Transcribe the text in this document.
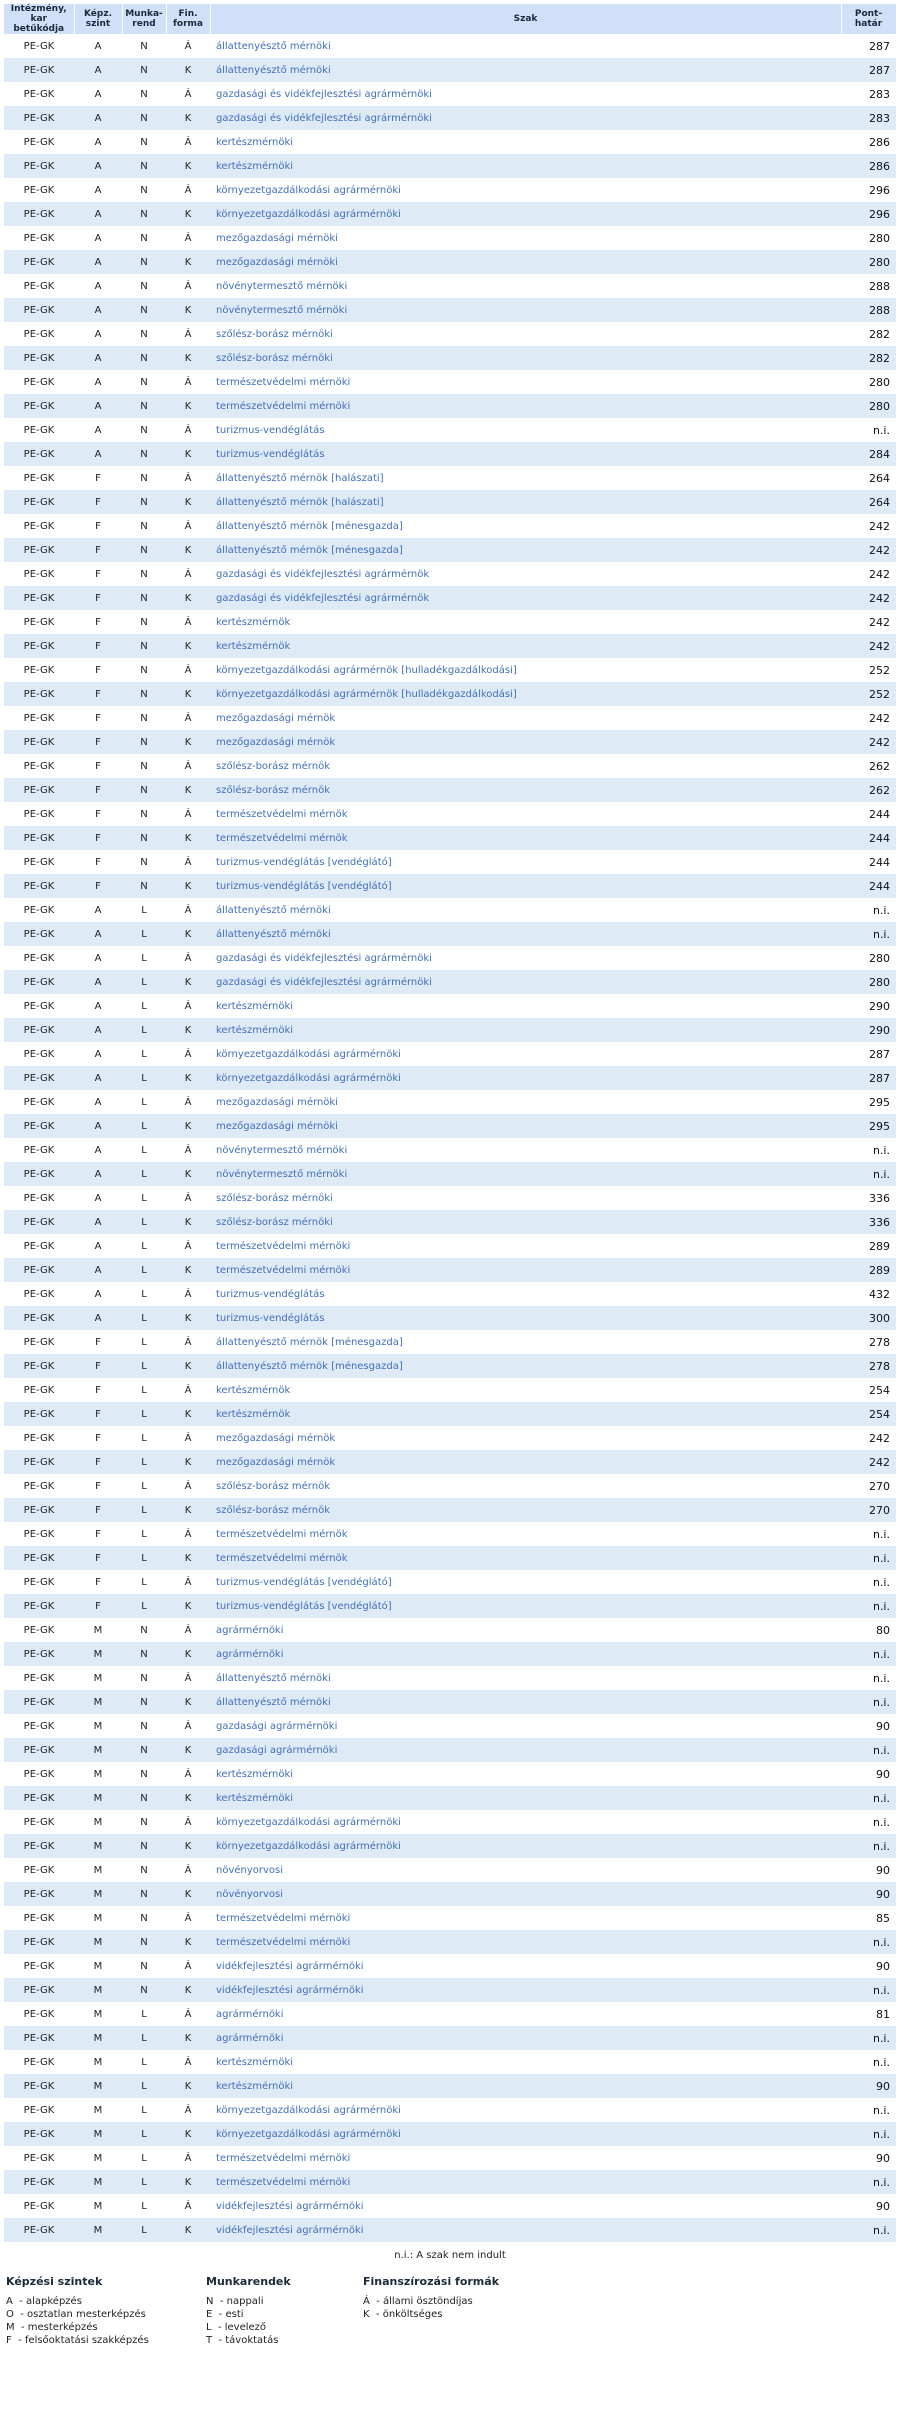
Intézmény, kar betűkódja	Képz. szint	Munka- rend	Fin. forma	Szak	Pont- határ
PE-GK	A	N	Á	állattenyésztő mérnöki	287
PE-GK	A	N	K	állattenyésztő mérnöki	287
PE-GK	A	N	Á	gazdasági és vidékfejlesztési agrármérnöki	283
PE-GK	A	N	K	gazdasági és vidékfejlesztési agrármérnöki	283
PE-GK	A	N	Á	kertészmérnöki	286
PE-GK	A	N	K	kertészmérnöki	286
PE-GK	A	N	Á	környezetgazdálkodási agrármérnöki	296
PE-GK	A	N	K	környezetgazdálkodási agrármérnöki	296
PE-GK	A	N	Á	mezőgazdasági mérnöki	280
PE-GK	A	N	K	mezőgazdasági mérnöki	280
PE-GK	A	N	Á	növénytermesztő mérnöki	288
PE-GK	A	N	K	növénytermesztő mérnöki	288
PE-GK	A	N	Á	szőlész-borász mérnöki	282
PE-GK	A	N	K	szőlész-borász mérnöki	282
PE-GK	A	N	Á	természetvédelmi mérnöki	280
PE-GK	A	N	K	természetvédelmi mérnöki	280
PE-GK	A	N	Á	turizmus-vendéglátás	n.i.
PE-GK	A	N	K	turizmus-vendéglátás	284
PE-GK	F	N	Á	állattenyésztő mérnök [halászati]	264
PE-GK	F	N	K	állattenyésztő mérnök [halászati]	264
PE-GK	F	N	Á	állattenyésztő mérnök [ménesgazda]	242
PE-GK	F	N	K	állattenyésztő mérnök [ménesgazda]	242
PE-GK	F	N	Á	gazdasági és vidékfejlesztési agrármérnök	242
PE-GK	F	N	K	gazdasági és vidékfejlesztési agrármérnök	242
PE-GK	F	N	Á	kertészmérnök	242
PE-GK	F	N	K	kertészmérnök	242
PE-GK	F	N	Á	környezetgazdálkodási agrármérnök [hulladékgazdálkodási]	252
PE-GK	F	N	K	környezetgazdálkodási agrármérnök [hulladékgazdálkodási]	252
PE-GK	F	N	Á	mezőgazdasági mérnök	242
PE-GK	F	N	K	mezőgazdasági mérnök	242
PE-GK	F	N	Á	szőlész-borász mérnök	262
PE-GK	F	N	K	szőlész-borász mérnök	262
PE-GK	F	N	Á	természetvédelmi mérnök	244
PE-GK	F	N	K	természetvédelmi mérnök	244
PE-GK	F	N	Á	turizmus-vendéglátás [vendéglátó]	244
PE-GK	F	N	K	turizmus-vendéglátás [vendéglátó]	244
PE-GK	A	L	Á	állattenyésztő mérnöki	n.i.
PE-GK	A	L	K	állattenyésztő mérnöki	n.i.
PE-GK	A	L	Á	gazdasági és vidékfejlesztési agrármérnöki	280
PE-GK	A	L	K	gazdasági és vidékfejlesztési agrármérnöki	280
PE-GK	A	L	Á	kertészmérnöki	290
PE-GK	A	L	K	kertészmérnöki	290
PE-GK	A	L	Á	környezetgazdálkodási agrármérnöki	287
PE-GK	A	L	K	környezetgazdálkodási agrármérnöki	287
PE-GK	A	L	Á	mezőgazdasági mérnöki	295
PE-GK	A	L	K	mezőgazdasági mérnöki	295
PE-GK	A	L	Á	növénytermesztő mérnöki	n.i.
PE-GK	A	L	K	növénytermesztő mérnöki	n.i.
PE-GK	A	L	Á	szőlész-borász mérnöki	336
PE-GK	A	L	K	szőlész-borász mérnöki	336
PE-GK	A	L	Á	természetvédelmi mérnöki	289
PE-GK	A	L	K	természetvédelmi mérnöki	289
PE-GK	A	L	Á	turizmus-vendéglátás	432
PE-GK	A	L	K	turizmus-vendéglátás	300
PE-GK	F	L	Á	állattenyésztő mérnök [ménesgazda]	278
PE-GK	F	L	K	állattenyésztő mérnök [ménesgazda]	278
PE-GK	F	L	Á	kertészmérnök	254
PE-GK	F	L	K	kertészmérnök	254
PE-GK	F	L	Á	mezőgazdasági mérnök	242
PE-GK	F	L	K	mezőgazdasági mérnök	242
PE-GK	F	L	Á	szőlész-borász mérnök	270
PE-GK	F	L	K	szőlész-borász mérnök	270
PE-GK	F	L	Á	természetvédelmi mérnök	n.i.
PE-GK	F	L	K	természetvédelmi mérnök	n.i.
PE-GK	F	L	Á	turizmus-vendéglátás [vendéglátó]	n.i.
PE-GK	F	L	K	turizmus-vendéglátás [vendéglátó]	n.i.
PE-GK	M	N	Á	agrármérnöki	80
PE-GK	M	N	K	agrármérnöki	n.i.
PE-GK	M	N	Á	állattenyésztő mérnöki	n.i.
PE-GK	M	N	K	állattenyésztő mérnöki	n.i.
PE-GK	M	N	Á	gazdasági agrármérnöki	90
PE-GK	M	N	K	gazdasági agrármérnöki	n.i.
PE-GK	M	N	Á	kertészmérnöki	90
PE-GK	M	N	K	kertészmérnöki	n.i.
PE-GK	M	N	Á	környezetgazdálkodási agrármérnöki	n.i.
PE-GK	M	N	K	környezetgazdálkodási agrármérnöki	n.i.
PE-GK	M	N	Á	növényorvosi	90
PE-GK	M	N	K	növényorvosi	90
PE-GK	M	N	Á	természetvédelmi mérnöki	85
PE-GK	M	N	K	természetvédelmi mérnöki	n.i.
PE-GK	M	N	Á	vidékfejlesztési agrármérnöki	90
PE-GK	M	N	K	vidékfejlesztési agrármérnöki	n.i.
PE-GK	M	L	Á	agrármérnöki	81
PE-GK	M	L	K	agrármérnöki	n.i.
PE-GK	M	L	Á	kertészmérnöki	n.i.
PE-GK	M	L	K	kertészmérnöki	90
PE-GK	M	L	Á	környezetgazdálkodási agrármérnöki	n.i.
PE-GK	M	L	K	környezetgazdálkodási agrármérnöki	n.i.
PE-GK	M	L	Á	természetvédelmi mérnöki	90
PE-GK	M	L	K	természetvédelmi mérnöki	n.i.
PE-GK	M	L	Á	vidékfejlesztési agrármérnöki	90
PE-GK	M	L	K	vidékfejlesztési agrármérnöki	n.i.
n.i.: A szak nem indult
Képzési szintek
A  - alapképzés
O  - osztatlan mesterképzés
M  - mesterképzés
F  - felsőoktatási szakképzés
Munkarendek
N  - nappali
E  - esti
L  - levelező
T  - távoktatás
Finanszírozási formák
Á  - állami ösztöndíjas
K  - önköltséges
